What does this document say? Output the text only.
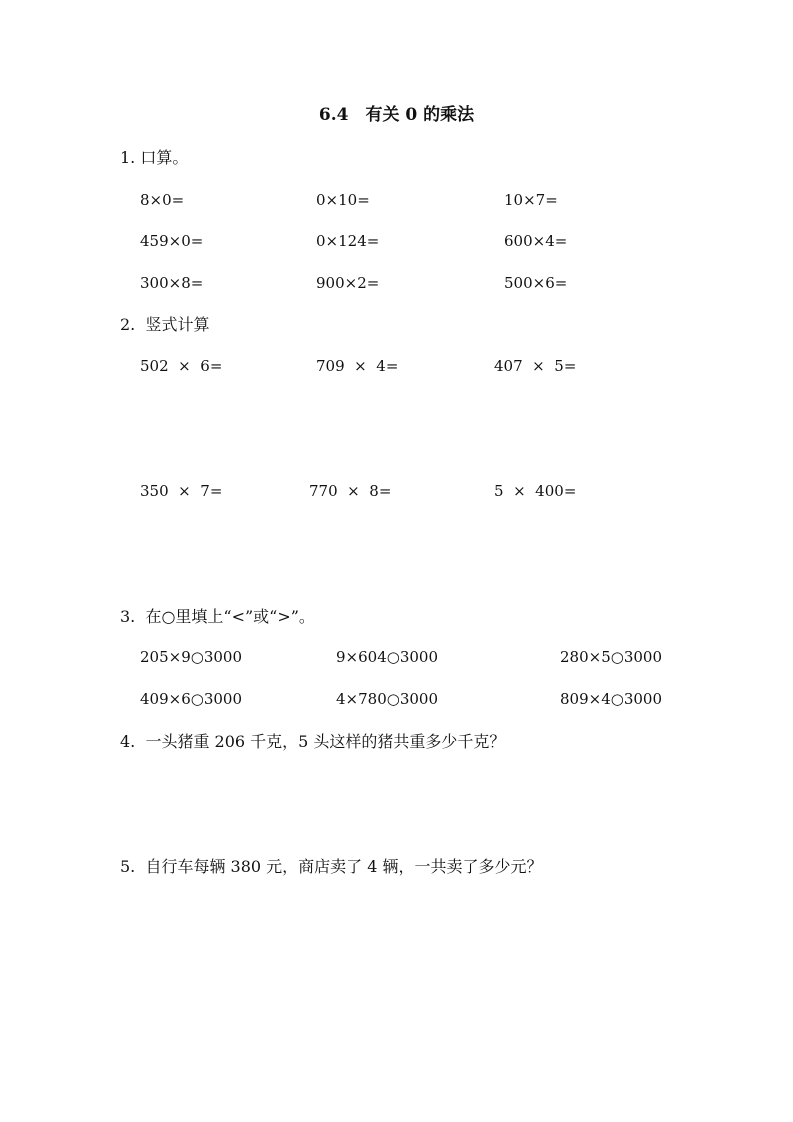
6.4　有关 0 的乘法
1. 口算。
8×0=	0×10=	10×7=
459×0=	0×124=	600×4=
300×8=	900×2=	500×6=
2.  竖式计算
502  ×  6=	709  ×  4=	407  ×  5=
350  ×  7=	770  ×  8=	5  ×  400=
3.  在○里填上“<”或“>”。
205×9○3000	9×604○3000	280×5○3000
409×6○3000	4×780○3000	809×4○3000
4.  一头猪重 206 千克，5 头这样的猪共重多少千克？
5.  自行车每辆 380 元，商店卖了 4 辆，一共卖了多少元？
